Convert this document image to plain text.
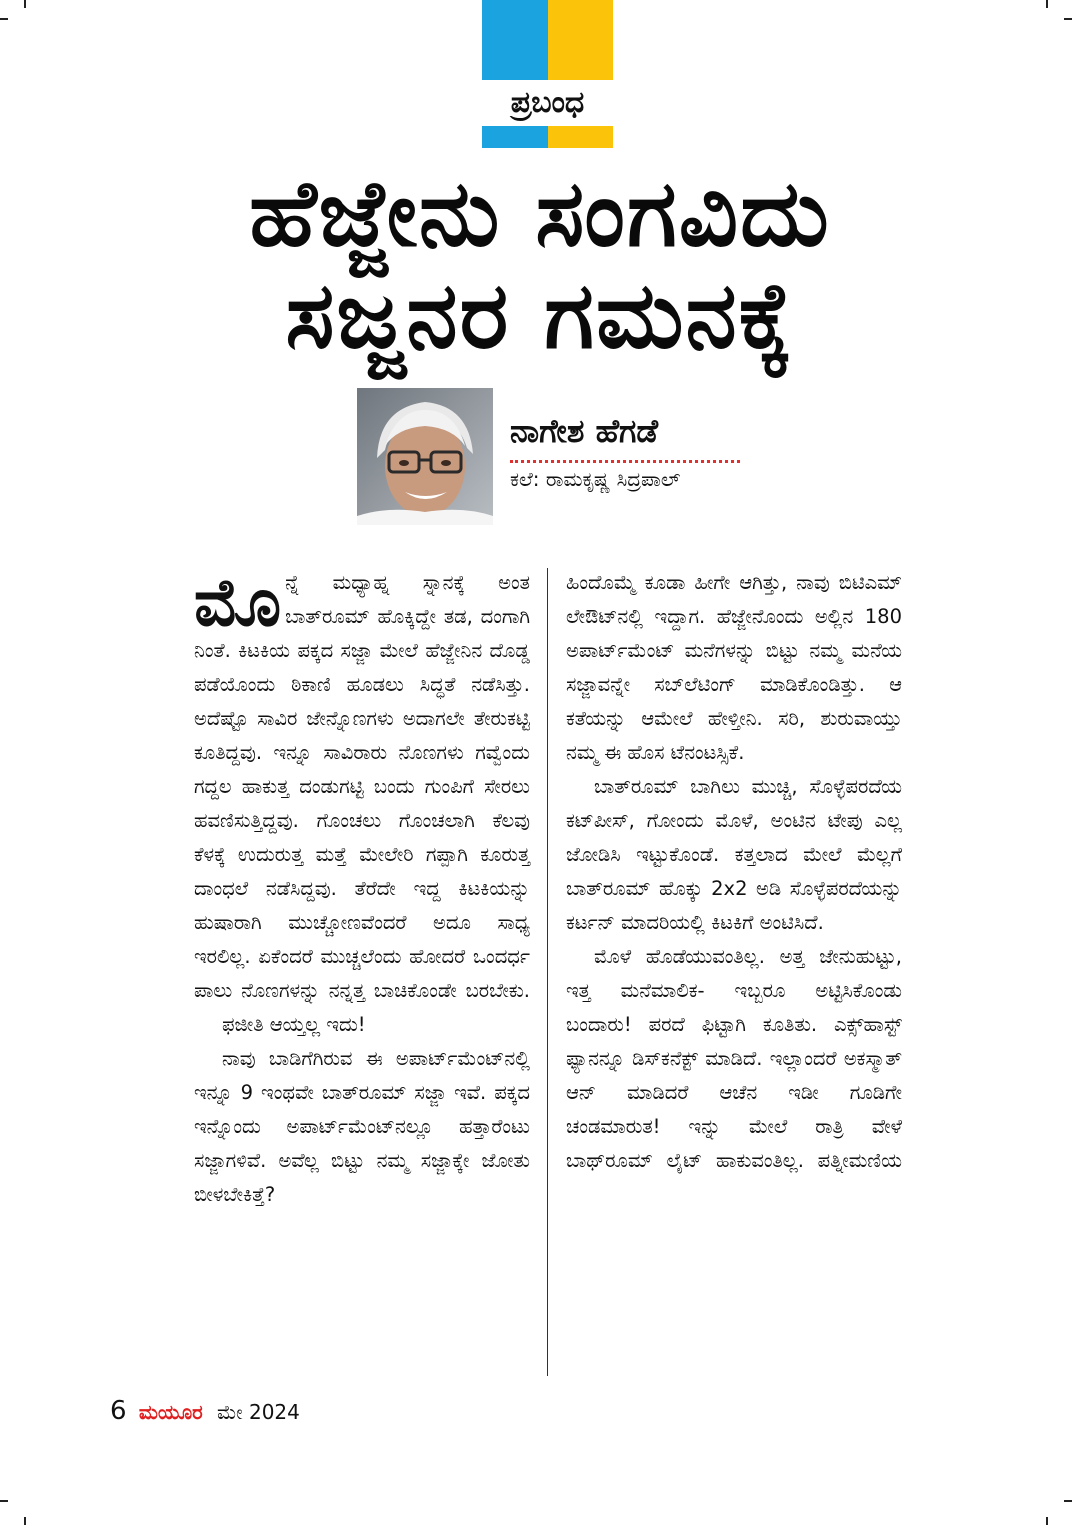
ಪ್ರಬಂಧ
ಹೆಜ್ಜೇನು ಸಂಗವಿದು
ಸಜ್ಜನರ ಗಮನಕ್ಕೆ
ನಾಗೇಶ ಹೆಗಡೆ
ಕಲೆ: ರಾಮಕೃಷ್ಣ ಸಿದ್ರಪಾಲ್
ಮೊ ನ್ನೆ ಮಧ್ಯಾಹ್ನ ಸ್ನಾನಕ್ಕೆ ಅಂತ ಬಾತ್‌ರೂಮ್ ಹೊಕ್ಕಿದ್ದೇ ತಡ, ದಂಗಾಗಿ ನಿಂತೆ. ಕಿಟಕಿಯ ಪಕ್ಕದ ಸಜ್ಜಾ ಮೇಲೆ ಹೆಜ್ಜೇನಿನ ದೊಡ್ಡ ಪಡೆಯೊಂದು ಠಿಕಾಣಿ ಹೂಡಲು ಸಿದ್ಧತೆ ನಡೆಸಿತ್ತು. ಅದೆಷ್ಟೊ ಸಾವಿರ ಜೇನ್ನೊಣಗಳು ಅದಾಗಲೇ ತೇರುಕಟ್ಟಿ ಕೂತಿದ್ದವು. ಇನ್ನೂ ಸಾವಿರಾರು ನೊಣಗಳು ಗವ್ವೆಂದು ಗದ್ದಲ ಹಾಕುತ್ತ ದಂಡುಗಟ್ಟಿ ಬಂದು ಗುಂಪಿಗೆ ಸೇರಲು ಹವಣಿಸುತ್ತಿದ್ದವು. ಗೊಂಚಲು ಗೊಂಚಲಾಗಿ ಕೆಲವು ಕೆಳಕ್ಕೆ ಉದುರುತ್ತ ಮತ್ತೆ ಮೇಲೇರಿ ಗಪ್ಪಾಗಿ ಕೂರುತ್ತ ದಾಂಧಲೆ ನಡೆಸಿದ್ದವು. ತೆರೆದೇ ಇದ್ದ ಕಿಟಕಿಯನ್ನು ಹುಷಾರಾಗಿ ಮುಚ್ಚೋಣವೆಂದರೆ ಅದೂ ಸಾಧ್ಯ ಇರಲಿಲ್ಲ. ಏಕೆಂದರೆ ಮುಚ್ಚಲೆಂದು ಹೋದರೆ ಒಂದರ್ಧ ಪಾಲು ನೊಣಗಳನ್ನು ನನ್ನತ್ತ ಬಾಚಿಕೊಂಡೇ ಬರಬೇಕು.

ಫಜೀತಿ ಆಯ್ತಲ್ಲ ಇದು!

ನಾವು ಬಾಡಿಗೆಗಿರುವ ಈ ಅಪಾರ್ಟ್‌ಮೆಂಟ್‌ನಲ್ಲಿ ಇನ್ನೂ 9 ಇಂಥವೇ ಬಾತ್‌ರೂಮ್ ಸಜ್ಜಾ ಇವೆ. ಪಕ್ಕದ ಇನ್ನೊಂದು ಅಪಾರ್ಟ್‌ಮೆಂಟ್‌ನಲ್ಲೂ ಹತ್ತಾರೆಂಟು ಸಜ್ಜಾಗಳಿವೆ. ಅವೆಲ್ಲ ಬಿಟ್ಟು ನಮ್ಮ ಸಜ್ಜಾಕ್ಕೇ ಜೋತು ಬೀಳಬೇಕಿತ್ತೆ?

ಹಿಂದೊಮ್ಮೆ ಕೂಡಾ ಹೀಗೇ ಆಗಿತ್ತು, ನಾವು ಬಿಟಿಎಮ್ ಲೇಔಟ್‌ನಲ್ಲಿ ಇದ್ದಾಗ. ಹೆಜ್ಜೇನೊಂದು ಅಲ್ಲಿನ 180 ಅಪಾರ್ಟ್‌ಮೆಂಟ್ ಮನೆಗಳನ್ನು ಬಿಟ್ಟು ನಮ್ಮ ಮನೆಯ ಸಜ್ಜಾವನ್ನೇ ಸಬ್‌ಲೆಟಿಂಗ್ ಮಾಡಿಕೊಂಡಿತ್ತು. ಆ ಕತೆಯನ್ನು ಆಮೇಲೆ ಹೇಳ್ತೀನಿ. ಸರಿ, ಶುರುವಾಯ್ತು ನಮ್ಮ ಈ ಹೊಸ ಟೆನಂಟಸ್ಸಿಕೆ.

ಬಾತ್‌ರೂಮ್ ಬಾಗಿಲು ಮುಚ್ಚಿ, ಸೊಳ್ಳೆಪರದೆಯ ಕಟ್‌ಪೀಸ್, ಗೋಂದು ಮೊಳೆ, ಅಂಟಿನ ಟೇಪು ಎಲ್ಲ ಜೋಡಿಸಿ ಇಟ್ಟುಕೊಂಡೆ. ಕತ್ತಲಾದ ಮೇಲೆ ಮೆಲ್ಲಗೆ ಬಾತ್‌ರೂಮ್ ಹೊಕ್ಕು 2x2 ಅಡಿ ಸೊಳ್ಳೆಪರದೆಯನ್ನು ಕರ್ಟನ್ ಮಾದರಿಯಲ್ಲಿ ಕಿಟಕಿಗೆ ಅಂಟಿಸಿದೆ.

ಮೊಳೆ ಹೊಡೆಯುವಂತಿಲ್ಲ. ಅತ್ತ ಜೇನುಹುಟ್ಟು, ಇತ್ತ ಮನೆಮಾಲಿಕ- ಇಬ್ಬರೂ ಅಟ್ಟಿಸಿಕೊಂಡು ಬಂದಾರು! ಪರದೆ ಫಿಟ್ಟಾಗಿ ಕೂತಿತು. ಎಕ್ಸ್‌ಹಾಸ್ಟ್ ಫ್ಯಾನನ್ನೂ ಡಿಸ್‌ಕನೆಕ್ಟ್ ಮಾಡಿದೆ. ಇಲ್ಲಾಂದರೆ ಅಕಸ್ಮಾತ್ ಆನ್ ಮಾಡಿದರೆ ಆಚೆನ ಇಡೀ ಗೂಡಿಗೇ ಚಂಡಮಾರುತ! ಇನ್ನು ಮೇಲೆ ರಾತ್ರಿ ವೇಳೆ ಬಾಥ್‌ರೂಮ್ ಲೈಟ್ ಹಾಕುವಂತಿಲ್ಲ. ಪತ್ನೀಮಣಿಯ

6 ಮಯೂರ ಮೇ 2024
